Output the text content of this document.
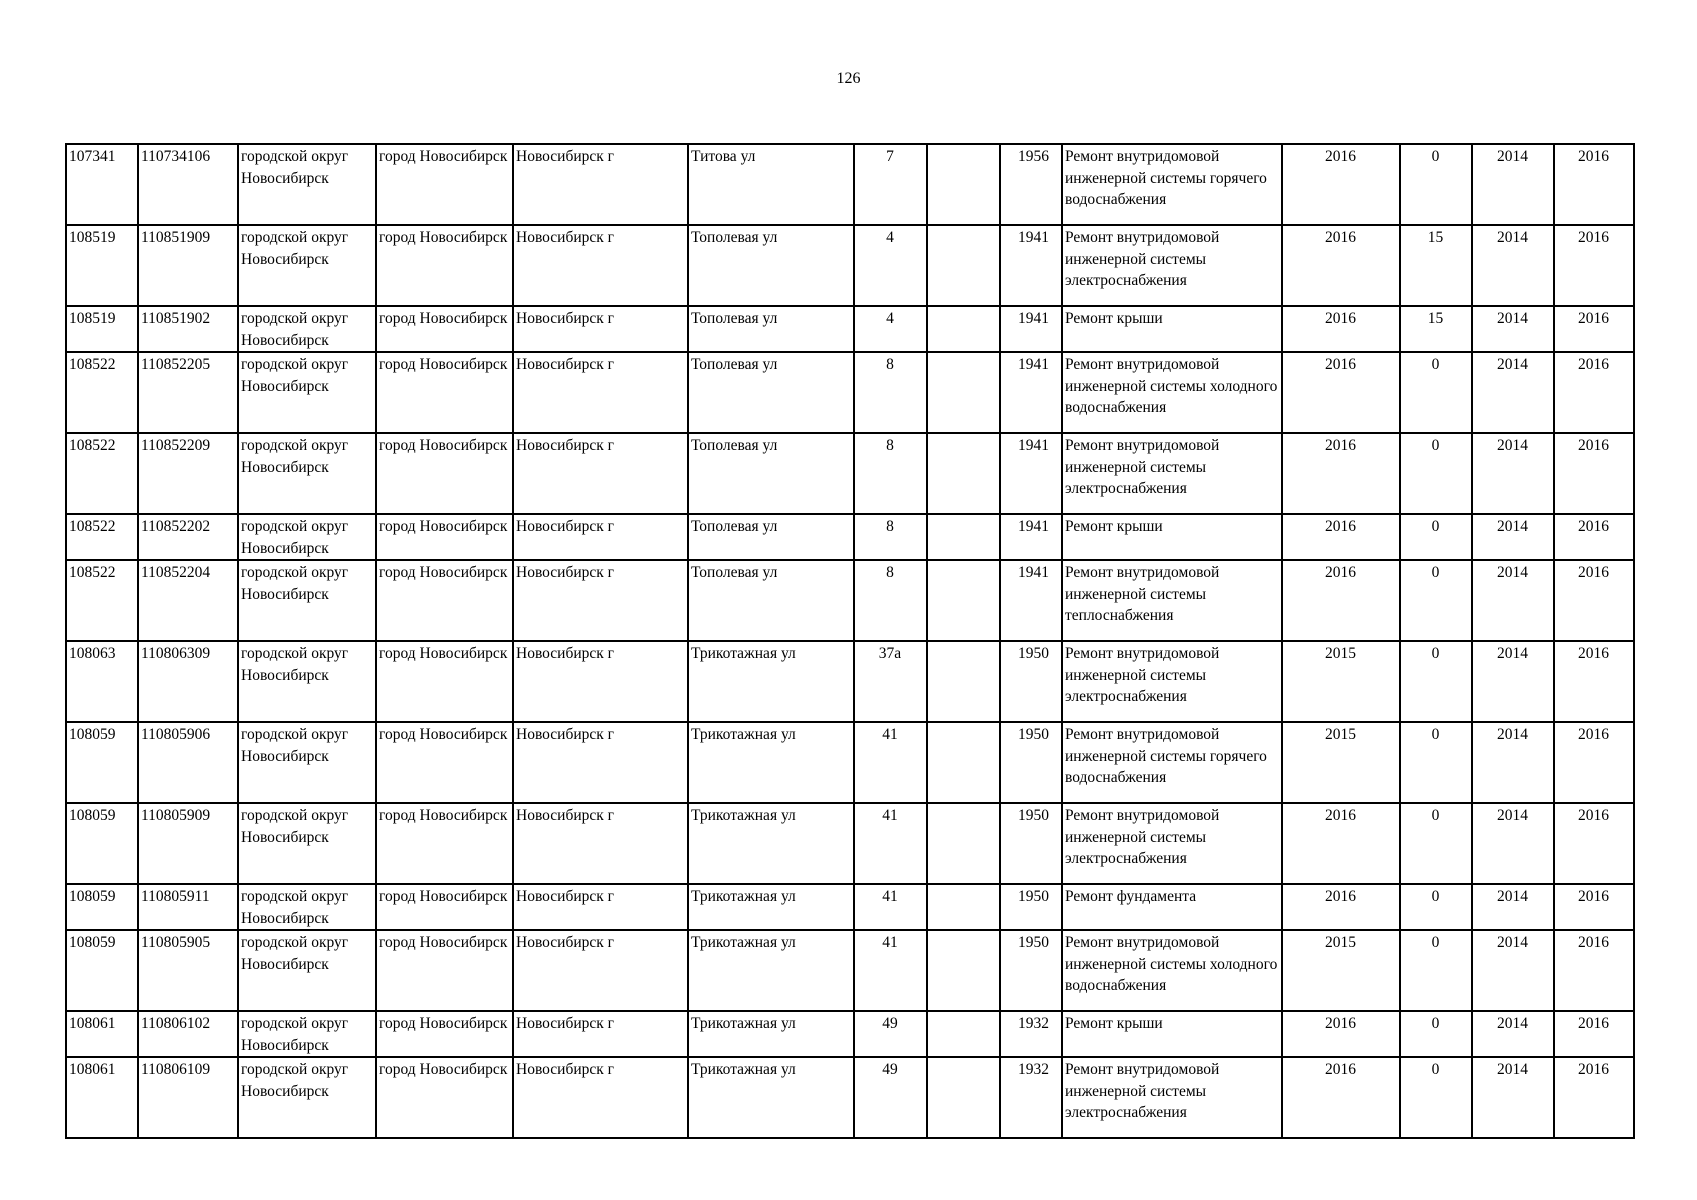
126
107341	110734106	городской округ Новосибирск	город Новосибирск	Новосибирск г	Титова ул	7		1956	Ремонт внутридомовой инженерной системы горячего водоснабжения	2016	0	2014	2016
108519	110851909	городской округ Новосибирск	город Новосибирск	Новосибирск г	Тополевая ул	4		1941	Ремонт внутридомовой инженерной системы электроснабжения	2016	15	2014	2016
108519	110851902	городской округ Новосибирск	город Новосибирск	Новосибирск г	Тополевая ул	4		1941	Ремонт крыши	2016	15	2014	2016
108522	110852205	городской округ Новосибирск	город Новосибирск	Новосибирск г	Тополевая ул	8		1941	Ремонт внутридомовой инженерной системы холодного водоснабжения	2016	0	2014	2016
108522	110852209	городской округ Новосибирск	город Новосибирск	Новосибирск г	Тополевая ул	8		1941	Ремонт внутридомовой инженерной системы электроснабжения	2016	0	2014	2016
108522	110852202	городской округ Новосибирск	город Новосибирск	Новосибирск г	Тополевая ул	8		1941	Ремонт крыши	2016	0	2014	2016
108522	110852204	городской округ Новосибирск	город Новосибирск	Новосибирск г	Тополевая ул	8		1941	Ремонт внутридомовой инженерной системы теплоснабжения	2016	0	2014	2016
108063	110806309	городской округ Новосибирск	город Новосибирск	Новосибирск г	Трикотажная ул	37а		1950	Ремонт внутридомовой инженерной системы электроснабжения	2015	0	2014	2016
108059	110805906	городской округ Новосибирск	город Новосибирск	Новосибирск г	Трикотажная ул	41		1950	Ремонт внутридомовой инженерной системы горячего водоснабжения	2015	0	2014	2016
108059	110805909	городской округ Новосибирск	город Новосибирск	Новосибирск г	Трикотажная ул	41		1950	Ремонт внутридомовой инженерной системы электроснабжения	2016	0	2014	2016
108059	110805911	городской округ Новосибирск	город Новосибирск	Новосибирск г	Трикотажная ул	41		1950	Ремонт фундамента	2016	0	2014	2016
108059	110805905	городской округ Новосибирск	город Новосибирск	Новосибирск г	Трикотажная ул	41		1950	Ремонт внутридомовой инженерной системы холодного водоснабжения	2015	0	2014	2016
108061	110806102	городской округ Новосибирск	город Новосибирск	Новосибирск г	Трикотажная ул	49		1932	Ремонт крыши	2016	0	2014	2016
108061	110806109	городской округ Новосибирск	город Новосибирск	Новосибирск г	Трикотажная ул	49		1932	Ремонт внутридомовой инженерной системы электроснабжения	2016	0	2014	2016
